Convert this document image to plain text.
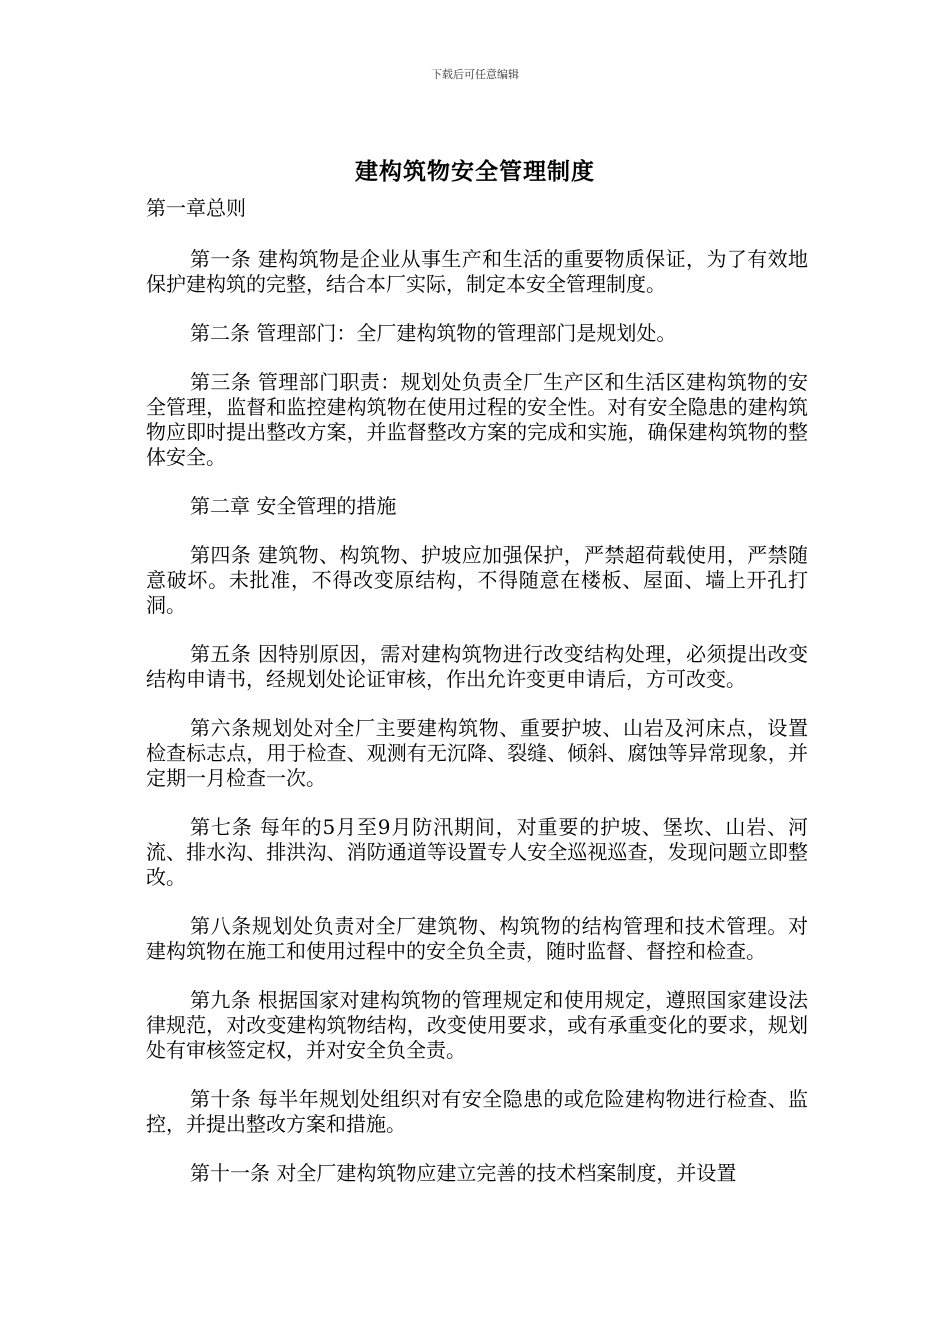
下载后可任意编辑
建构筑物安全管理制度

第一章总则

第一条 建构筑物是企业从事生产和生活的重要物质保证，为了有效地保护建构筑的完整，结合本厂实际，制定本安全管理制度。

第二条 管理部门：全厂建构筑物的管理部门是规划处。

第三条 管理部门职责：规划处负责全厂生产区和生活区建构筑物的安全管理，监督和监控建构筑物在使用过程的安全性。对有安全隐患的建构筑物应即时提出整改方案，并监督整改方案的完成和实施，确保建构筑物的整体安全。

第二章 安全管理的措施

第四条 建筑物、构筑物、护坡应加强保护，严禁超荷载使用，严禁随意破坏。未批准，不得改变原结构，不得随意在楼板、屋面、墙上开孔打洞。

第五条 因特别原因，需对建构筑物进行改变结构处理，必须提出改变结构申请书，经规划处论证审核，作出允许变更申请后，方可改变。

第六条规划处对全厂主要建构筑物、重要护坡、山岩及河床点，设置检查标志点，用于检查、观测有无沉降、裂缝、倾斜、腐蚀等异常现象，并定期一月检查一次。

第七条 每年的5月至9月防汛期间，对重要的护坡、堡坎、山岩、河流、排水沟、排洪沟、消防通道等设置专人安全巡视巡查，发现问题立即整改。

第八条规划处负责对全厂建筑物、构筑物的结构管理和技术管理。对建构筑物在施工和使用过程中的安全负全责，随时监督、督控和检查。

第九条 根据国家对建构筑物的管理规定和使用规定，遵照国家建设法律规范，对改变建构筑物结构，改变使用要求，或有承重变化的要求，规划处有审核签定权，并对安全负全责。

第十条 每半年规划处组织对有安全隐患的或危险建构物进行检查、监控，并提出整改方案和措施。

第十一条 对全厂建构筑物应建立完善的技术档案制度，并设置
